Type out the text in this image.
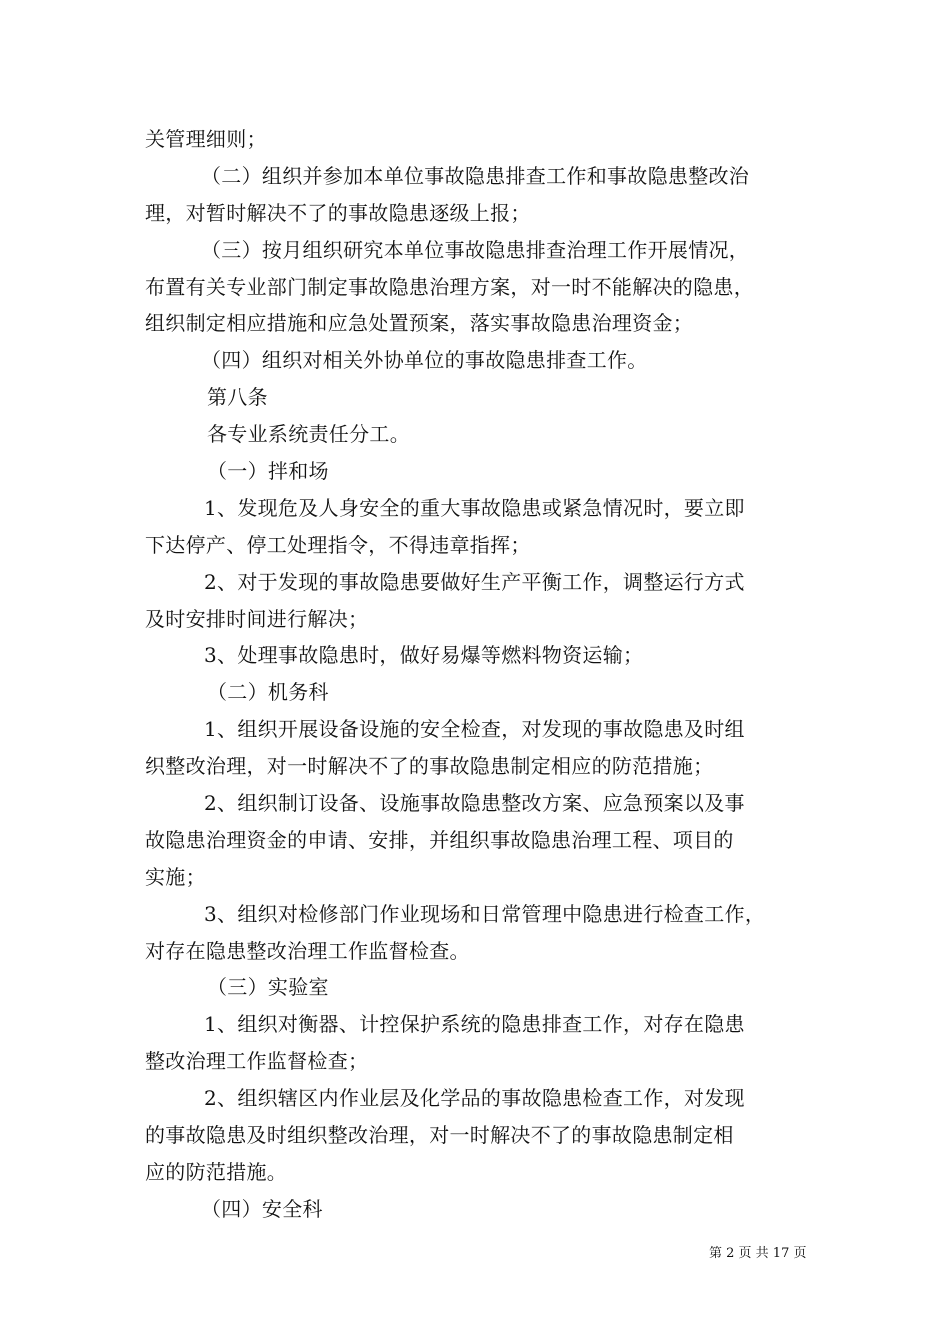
关管理细则；
（二）组织并参加本单位事故隐患排查工作和事故隐患整改治
理，对暂时解决不了的事故隐患逐级上报；
（三）按月组织研究本单位事故隐患排查治理工作开展情况，
布置有关专业部门制定事故隐患治理方案，对一时不能解决的隐患，
组织制定相应措施和应急处置预案，落实事故隐患治理资金；
（四）组织对相关外协单位的事故隐患排查工作。
第八条
各专业系统责任分工。
（一）拌和场
1、发现危及人身安全的重大事故隐患或紧急情况时，要立即
下达停产、停工处理指令，不得违章指挥；
2、对于发现的事故隐患要做好生产平衡工作，调整运行方式
及时安排时间进行解决；
3、处理事故隐患时，做好易爆等燃料物资运输；
（二）机务科
1、组织开展设备设施的安全检查，对发现的事故隐患及时组
织整改治理，对一时解决不了的事故隐患制定相应的防范措施；
2、组织制订设备、设施事故隐患整改方案、应急预案以及事
故隐患治理资金的申请、安排，并组织事故隐患治理工程、项目的
实施；
3、组织对检修部门作业现场和日常管理中隐患进行检查工作，
对存在隐患整改治理工作监督检查。
（三）实验室
1、组织对衡器、计控保护系统的隐患排查工作，对存在隐患
整改治理工作监督检查；
2、组织辖区内作业层及化学品的事故隐患检查工作，对发现
的事故隐患及时组织整改治理，对一时解决不了的事故隐患制定相
应的防范措施。
（四）安全科
第 2 页 共 17 页
